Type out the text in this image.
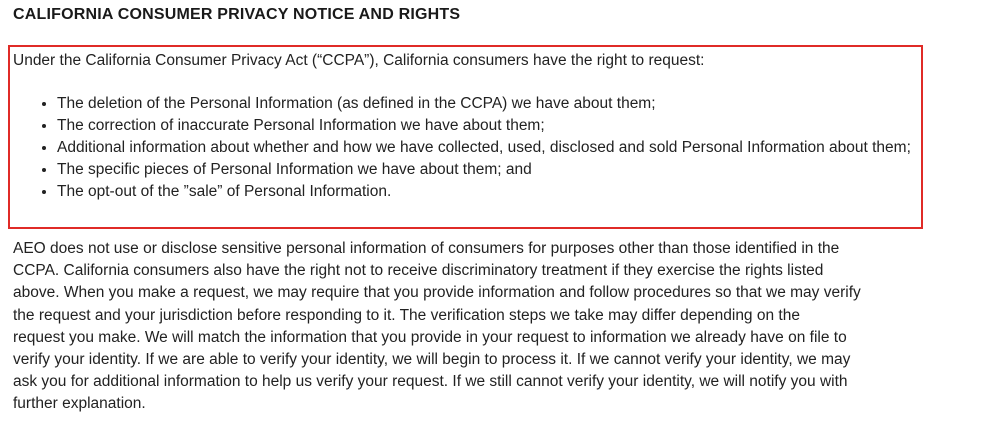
CALIFORNIA CONSUMER PRIVACY NOTICE AND RIGHTS

Under the California Consumer Privacy Act (“CCPA”), California consumers have the right to request:

• The deletion of the Personal Information (as defined in the CCPA) we have about them;
• The correction of inaccurate Personal Information we have about them;
• Additional information about whether and how we have collected, used, disclosed and sold Personal Information about them;
• The specific pieces of Personal Information we have about them; and
• The opt-out of the ”sale” of Personal Information.

AEO does not use or disclose sensitive personal information of consumers for purposes other than those identified in the
CCPA. California consumers also have the right not to receive discriminatory treatment if they exercise the rights listed
above. When you make a request, we may require that you provide information and follow procedures so that we may verify
the request and your jurisdiction before responding to it. The verification steps we take may differ depending on the
request you make. We will match the information that you provide in your request to information we already have on file to
verify your identity. If we are able to verify your identity, we will begin to process it. If we cannot verify your identity, we may
ask you for additional information to help us verify your request. If we still cannot verify your identity, we will notify you with
further explanation.
